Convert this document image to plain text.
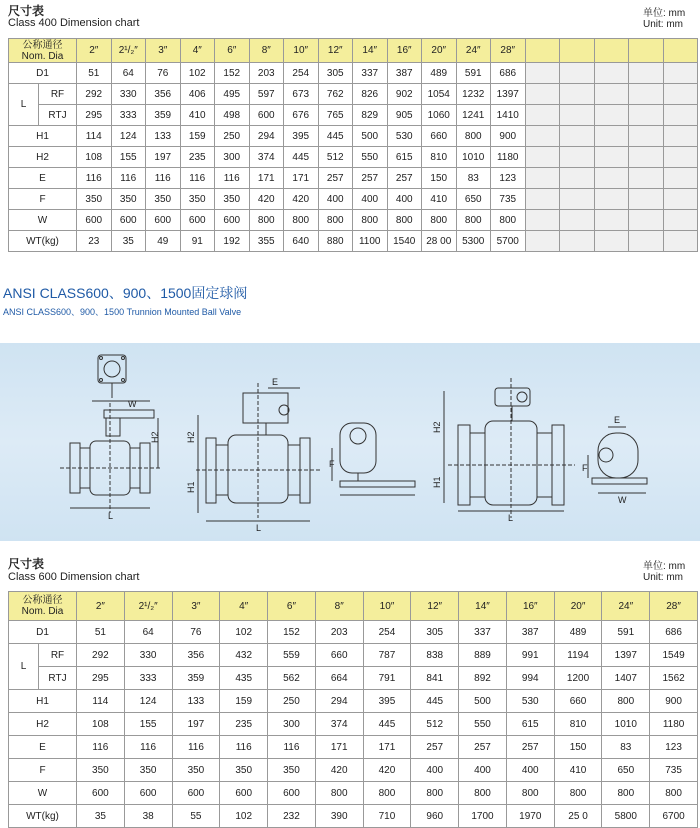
尺寸表
Class 400 Dimension chart
单位: mm
Unit: mm
公称通径
Nom. Dia		2″	2¹/₂″	3″	4″	6″	8″	10″	12″	14″	16″	20″	24″	28″					
D1		51	64	76	102	152	203	254	305	337	387	489	591	686					
L	RF	292	330	356	406	495	597	673	762	826	902	1054	1232	1397					
	RTJ	295	333	359	410	498	600	676	765	829	905	1060	1241	1410					
H1		114	124	133	159	250	294	395	445	500	530	660	800	900					
H2		108	155	197	235	300	374	445	512	550	615	810	1010	1180					
E		116	116	116	116	116	171	171	257	257	257	150	83	123					
F		350	350	350	350	350	420	420	400	400	400	410	650	735					
W		600	600	600	600	600	800	800	800	800	800	800	800	800					
WT(kg)		23	35	49	91	192	355	640	880	1100	1540	28 00	5300	5700					
ANSI CLASS600、900、1500固定球阀
ANSI CLASS600、900、1500 Trunnion Mounted Ball Valve
W
H2
L
E
H2
H1
L
F
H2
H1
L
E
F
W
尺寸表
Class 600 Dimension chart
单位: mm
Unit: mm
公称通径
Nom. Dia		2″	2¹/₂″	3″	4″	6″	8″	10″	12″	14″	16″	20″	24″	28″
D1		51	64	76	102	152	203	254	305	337	387	489	591	686
L	RF	292	330	356	432	559	660	787	838	889	991	1194	1397	1549
	RTJ	295	333	359	435	562	664	791	841	892	994	1200	1407	1562
H1		114	124	133	159	250	294	395	445	500	530	660	800	900
H2		108	155	197	235	300	374	445	512	550	615	810	1010	1180
E		116	116	116	116	116	171	171	257	257	257	150	83	123
F		350	350	350	350	350	420	420	400	400	400	410	650	735
W		600	600	600	600	600	800	800	800	800	800	800	800	800
WT(kg)		35	38	55	102	232	390	710	960	1700	1970	25 0	5800	6700
